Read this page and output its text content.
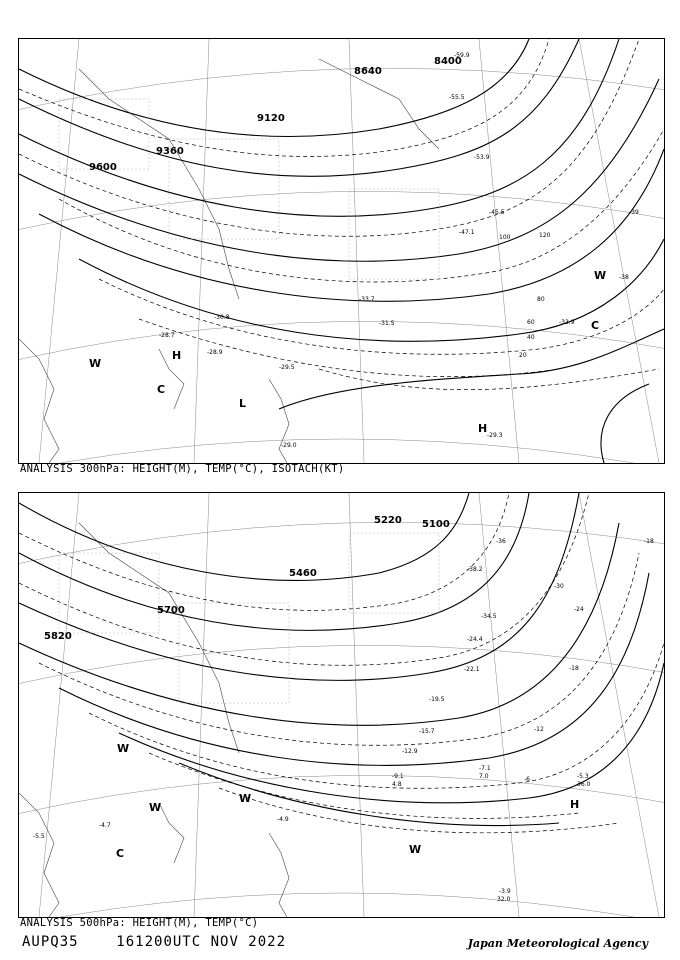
8400
8640
9120
9360
9600
100	120
80
60
40
20
H
L
H
C
W
C
W
-29.3
-28.9
-31.5
-33.7
-30.8
-28.7
-29.5
-29.0
-38
-39
-33.9
-45.5
-47.1
-53.9
-55.5
-59.9
ANALYSIS 300hPa: HEIGHT(M), TEMP(°C), ISOTACH(KT)
5100
5220
5460
5700
5820
-18
-24
-30
-36
-18
-12
-6
H
W
W
W
W
C
-5.3
-7.1
-9.1
-12.9
-15.7
-19.5
-22.1
-24.4
-34.5
-38.2
-4.7
-5.5
-4.9
-3.9
36.0
7.0
4.8
32.0
ANALYSIS 500hPa: HEIGHT(M), TEMP(°C)
AUPQ35	161200UTC NOV 2022	Japan Meteorological Agency
